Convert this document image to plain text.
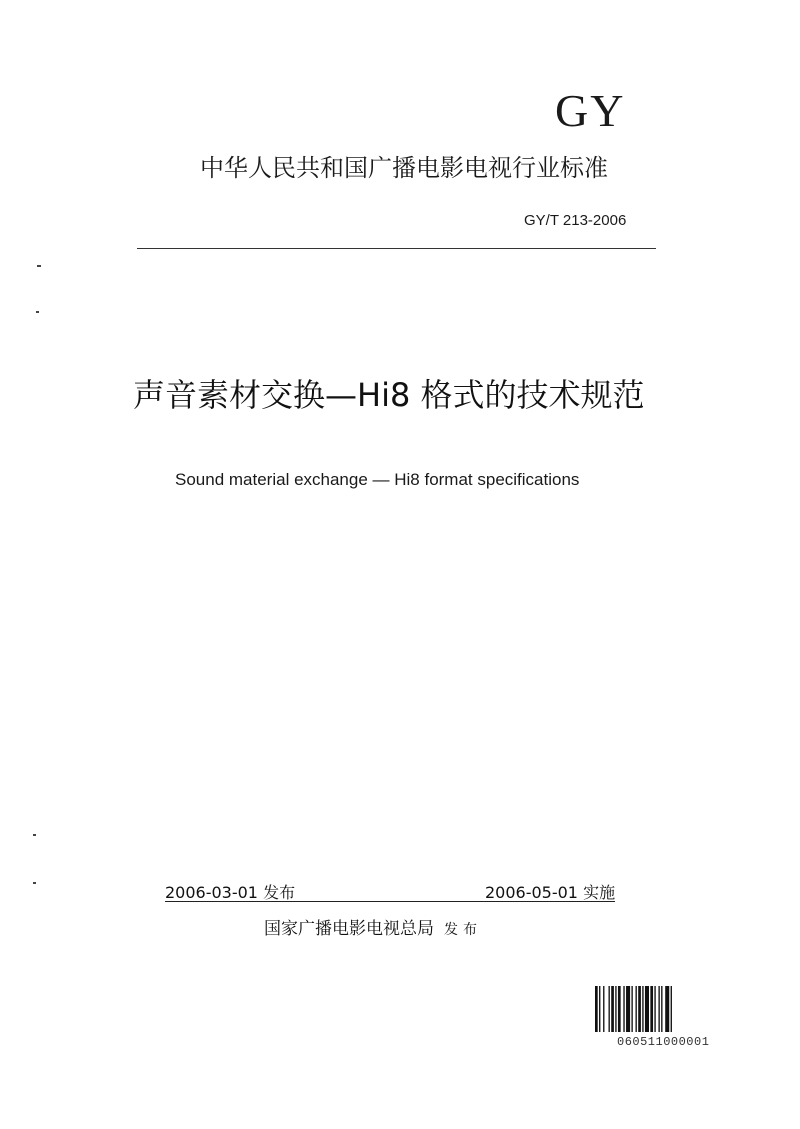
GY
中华人民共和国广播电影电视行业标准
GY/T 213-2006
声音素材交换—Hi8 格式的技术规范
Sound material exchange — Hi8 format specifications
2006-03-01 发布	2006-05-01 实施
国家广播电影电视总局 发布
060511000001
